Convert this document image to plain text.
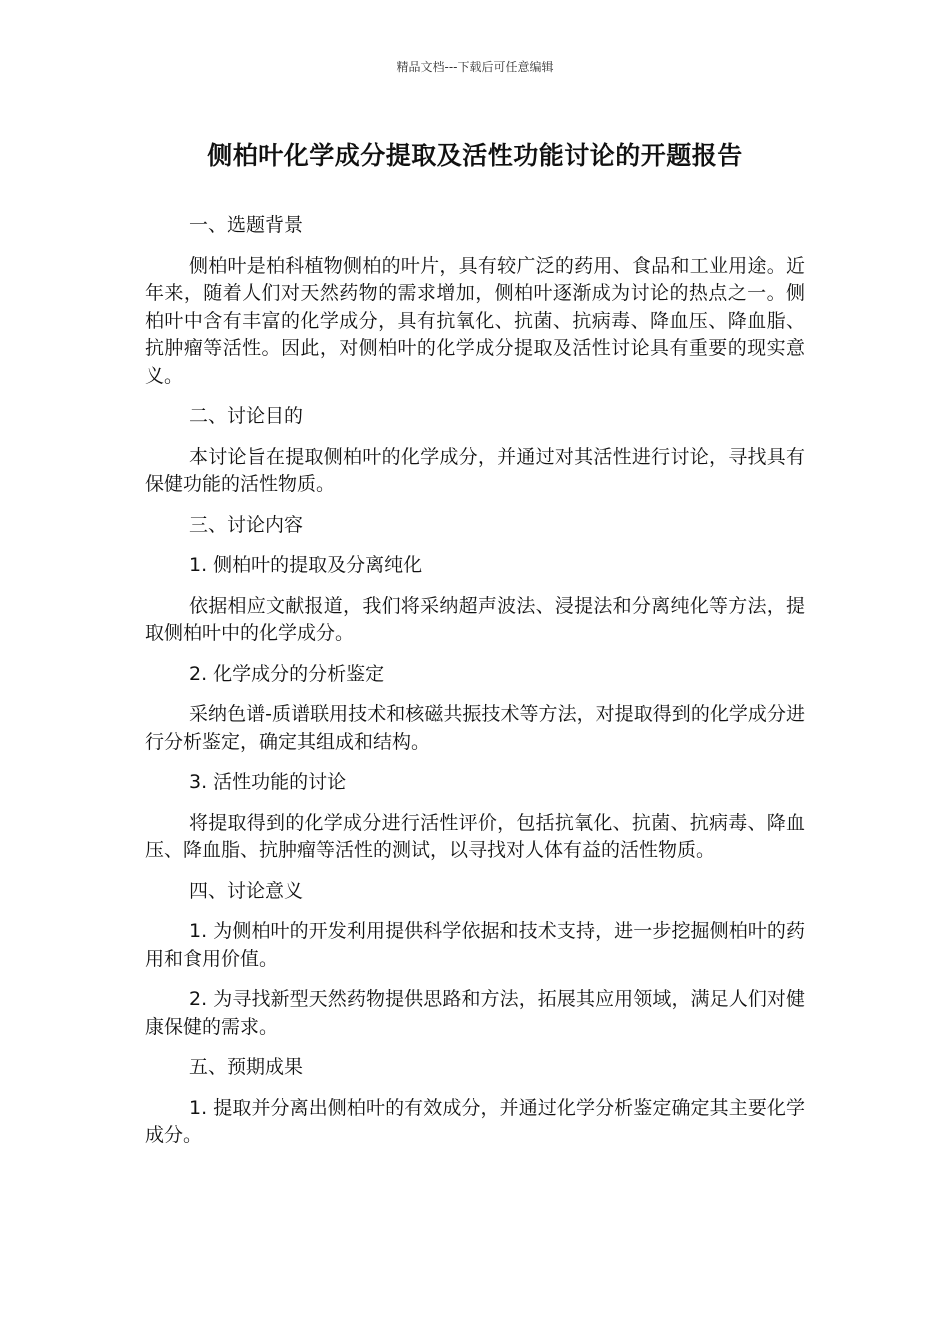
精品文档---下载后可任意编辑
侧柏叶化学成分提取及活性功能讨论的开题报告

一、选题背景

侧柏叶是柏科植物侧柏的叶片，具有较广泛的药用、食品和工业用途。近年来，随着人们对天然药物的需求增加，侧柏叶逐渐成为讨论的热点之一。侧柏叶中含有丰富的化学成分，具有抗氧化、抗菌、抗病毒、降血压、降血脂、抗肿瘤等活性。因此，对侧柏叶的化学成分提取及活性讨论具有重要的现实意义。

二、讨论目的

本讨论旨在提取侧柏叶的化学成分，并通过对其活性进行讨论，寻找具有保健功能的活性物质。

三、讨论内容

1. 侧柏叶的提取及分离纯化

依据相应文献报道，我们将采纳超声波法、浸提法和分离纯化等方法，提取侧柏叶中的化学成分。

2. 化学成分的分析鉴定

采纳色谱-质谱联用技术和核磁共振技术等方法，对提取得到的化学成分进行分析鉴定，确定其组成和结构。

3. 活性功能的讨论

将提取得到的化学成分进行活性评价，包括抗氧化、抗菌、抗病毒、降血压、降血脂、抗肿瘤等活性的测试，以寻找对人体有益的活性物质。

四、讨论意义

1. 为侧柏叶的开发利用提供科学依据和技术支持，进一步挖掘侧柏叶的药用和食用价值。

2. 为寻找新型天然药物提供思路和方法，拓展其应用领域，满足人们对健康保健的需求。

五、预期成果

1. 提取并分离出侧柏叶的有效成分，并通过化学分析鉴定确定其主要化学成分。
